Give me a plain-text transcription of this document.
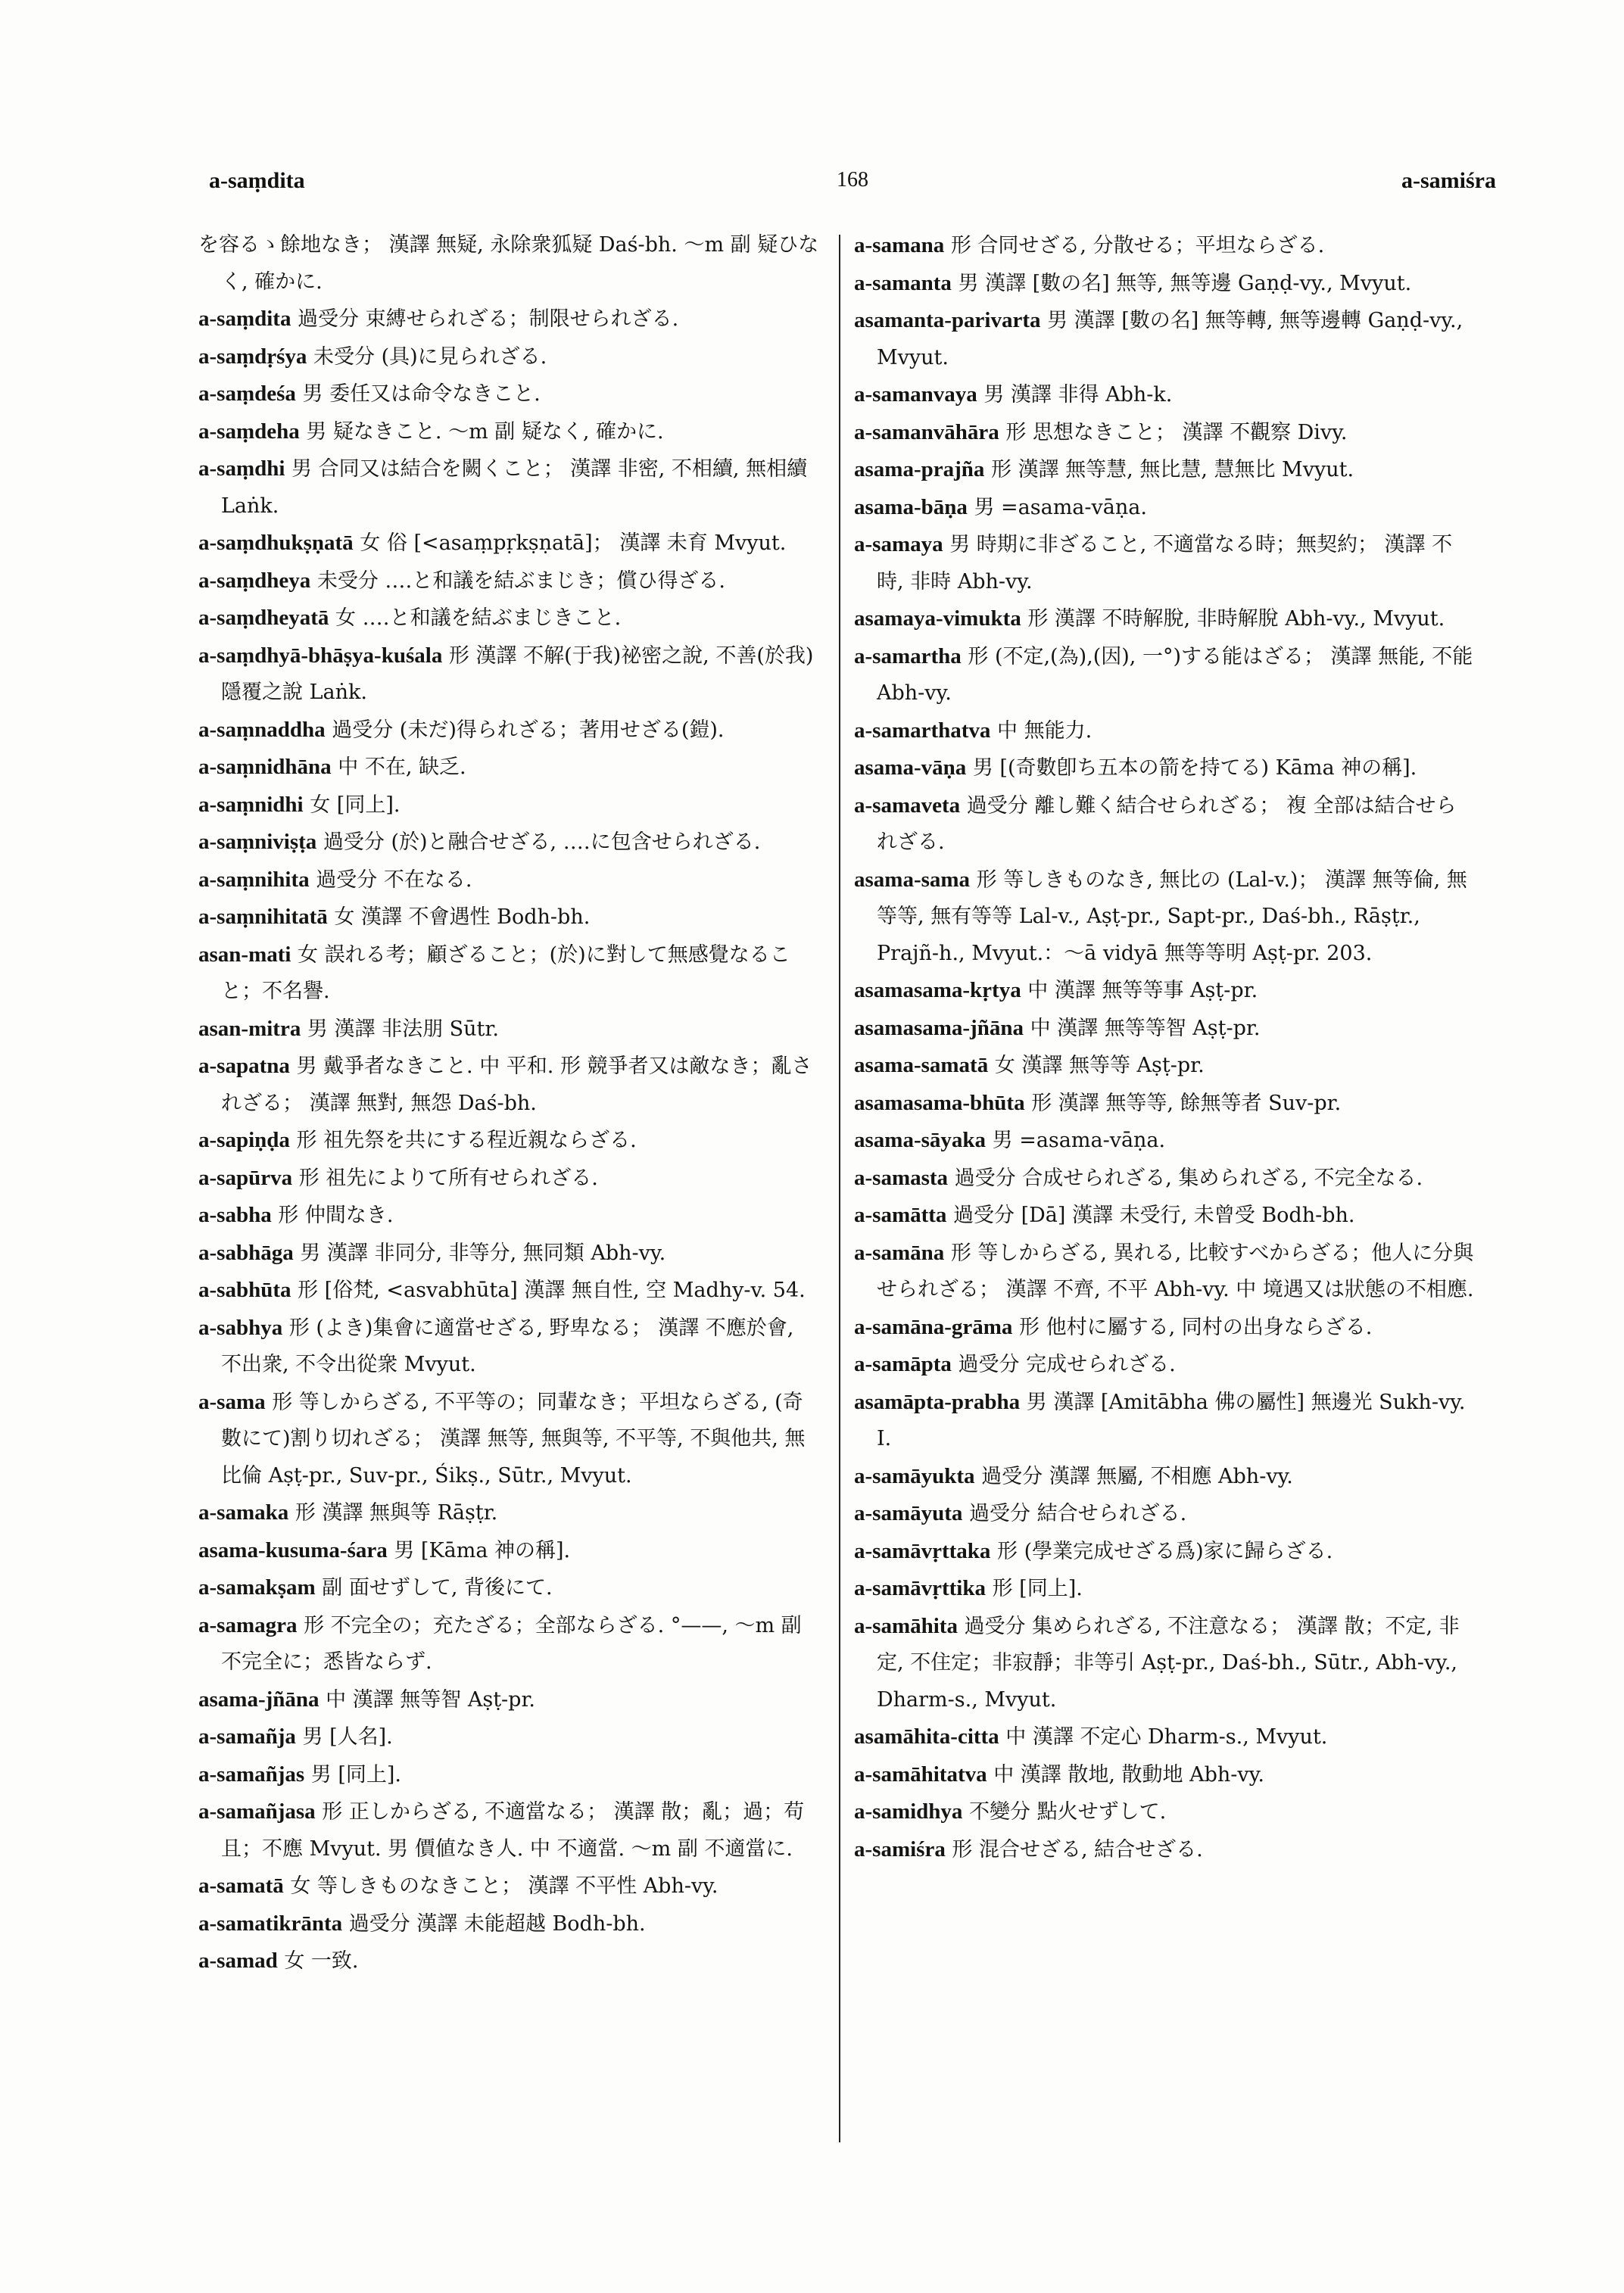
a-saṃdita	168	a-samiśra

を容るゝ餘地なき； 漢譯 無疑, 永除衆狐疑 Daś-bh. ～m 副 疑ひなく, 確かに.

a-saṃdita 過受分 束縛せられざる；制限せられざる.

a-saṃdṛśya 未受分 (具)に見られざる.

a-saṃdeśa 男 委任又は命令なきこと.

a-saṃdeha 男 疑なきこと. ～m 副 疑なく, 確かに.

a-saṃdhi 男 合同又は結合を闕くこと； 漢譯 非密, 不相續, 無相續 Laṅk.

a-saṃdhukṣṇatā 女 俗 [<asaṃpṛkṣṇatā]； 漢譯 未育 Mvyut.

a-saṃdheya 未受分 ‥‥と和議を結ぶまじき；償ひ得ざる.

a-saṃdheyatā 女 ‥‥と和議を結ぶまじきこと.

a-saṃdhyā-bhāṣya-kuśala 形 漢譯 不解(于我)祕密之說, 不善(於我)隱覆之說 Laṅk.

a-saṃnaddha 過受分 (未だ)得られざる；著用せざる(鎧).

a-saṃnidhāna 中 不在, 缺乏.

a-saṃnidhi 女 [同上].

a-saṃniviṣṭa 過受分 (於)と融合せざる, ‥‥に包含せられざる.

a-saṃnihita 過受分 不在なる.

a-saṃnihitatā 女 漢譯 不會遇性 Bodh-bh.

asan-mati 女 誤れる考；顧ざること；(於)に對して無感覺なること；不名譽.

asan-mitra 男 漢譯 非法朋 Sūtr.

a-sapatna 男 戴爭者なきこと. 中 平和. 形 競爭者又は敵なき；亂されざる； 漢譯 無對, 無怨 Daś-bh.

a-sapiṇḍa 形 祖先祭を共にする程近親ならざる.

a-sapūrva 形 祖先によりて所有せられざる.

a-sabha 形 仲間なき.

a-sabhāga 男 漢譯 非同分, 非等分, 無同類 Abh-vy.

a-sabhūta 形 [俗梵, <asvabhūta] 漢譯 無自性, 空 Madhy-v. 54.

a-sabhya 形 (よき)集會に適當せざる, 野卑なる； 漢譯 不應於會, 不出衆, 不令出從衆 Mvyut.

a-sama 形 等しからざる, 不平等の；同輩なき；平坦ならざる, (奇數にて)割り切れざる； 漢譯 無等, 無與等, 不平等, 不與他共, 無比倫 Aṣṭ-pr., Suv-pr., Śikṣ., Sūtr., Mvyut.

a-samaka 形 漢譯 無與等 Rāṣṭr.

asama-kusuma-śara 男 [Kāma 神の稱].

a-samakṣam 副 面せずして, 背後にて.

a-samagra 形 不完全の；充たざる；全部ならざる. °——, ～m 副 不完全に；悉皆ならず.

asama-jñāna 中 漢譯 無等智 Aṣṭ-pr.

a-samañja 男 [人名].

a-samañjas 男 [同上].

a-samañjasa 形 正しからざる, 不適當なる； 漢譯 散；亂；過；苟且；不應 Mvyut. 男 價値なき人. 中 不適當. ～m 副 不適當に.

a-samatā 女 等しきものなきこと； 漢譯 不平性 Abh-vy.

a-samatikrānta 過受分 漢譯 未能超越 Bodh-bh.

a-samad 女 一致.

a-samana 形 合同せざる, 分散せる；平坦ならざる.

a-samanta 男 漢譯 [數の名] 無等, 無等邊 Gaṇḍ-vy., Mvyut.

asamanta-parivarta 男 漢譯 [數の名] 無等轉, 無等邊轉 Gaṇḍ-vy., Mvyut.

a-samanvaya 男 漢譯 非得 Abh-k.

a-samanvāhāra 形 思想なきこと； 漢譯 不觀察 Divy.

asama-prajña 形 漢譯 無等慧, 無比慧, 慧無比 Mvyut.

asama-bāṇa 男 =asama-vāṇa.

a-samaya 男 時期に非ざること, 不適當なる時；無契約； 漢譯 不時, 非時 Abh-vy.

asamaya-vimukta 形 漢譯 不時解脫, 非時解脫 Abh-vy., Mvyut.

a-samartha 形 (不定,(為),(因), 一°)する能はざる； 漢譯 無能, 不能 Abh-vy.

a-samarthatva 中 無能力.

asama-vāṇa 男 [(奇數卽ち五本の箭を持てる) Kāma 神の稱].

a-samaveta 過受分 離し難く結合せられざる； 複 全部は結合せられざる.

asama-sama 形 等しきものなき, 無比の (Lal-v.)； 漢譯 無等倫, 無等等, 無有等等 Lal-v., Aṣṭ-pr., Sapt-pr., Daś-bh., Rāṣṭr., Prajñ-h., Mvyut.：～ā vidyā 無等等明 Aṣṭ-pr. 203.

asamasama-kṛtya 中 漢譯 無等等事 Aṣṭ-pr.

asamasama-jñāna 中 漢譯 無等等智 Aṣṭ-pr.

asama-samatā 女 漢譯 無等等 Aṣṭ-pr.

asamasama-bhūta 形 漢譯 無等等, 餘無等者 Suv-pr.

asama-sāyaka 男 =asama-vāṇa.

a-samasta 過受分 合成せられざる, 集められざる, 不完全なる.

a-samātta 過受分 [Dā] 漢譯 未受行, 未曾受 Bodh-bh.

a-samāna 形 等しからざる, 異れる, 比較すべからざる；他人に分與せられざる； 漢譯 不齊, 不平 Abh-vy. 中 境遇又は狀態の不相應.

a-samāna-grāma 形 他村に屬する, 同村の出身ならざる.

a-samāpta 過受分 完成せられざる.

asamāpta-prabha 男 漢譯 [Amitābha 佛の屬性] 無邊光 Sukh-vy. I.

a-samāyukta 過受分 漢譯 無屬, 不相應 Abh-vy.

a-samāyuta 過受分 結合せられざる.

a-samāvṛttaka 形 (學業完成せざる爲)家に歸らざる.

a-samāvṛttika 形 [同上].

a-samāhita 過受分 集められざる, 不注意なる； 漢譯 散；不定, 非定, 不住定；非寂靜；非等引 Aṣṭ-pr., Daś-bh., Sūtr., Abh-vy., Dharm-s., Mvyut.

asamāhita-citta 中 漢譯 不定心 Dharm-s., Mvyut.

a-samāhitatva 中 漢譯 散地, 散動地 Abh-vy.

a-samidhya 不變分 點火せずして.

a-samiśra 形 混合せざる, 結合せざる.
